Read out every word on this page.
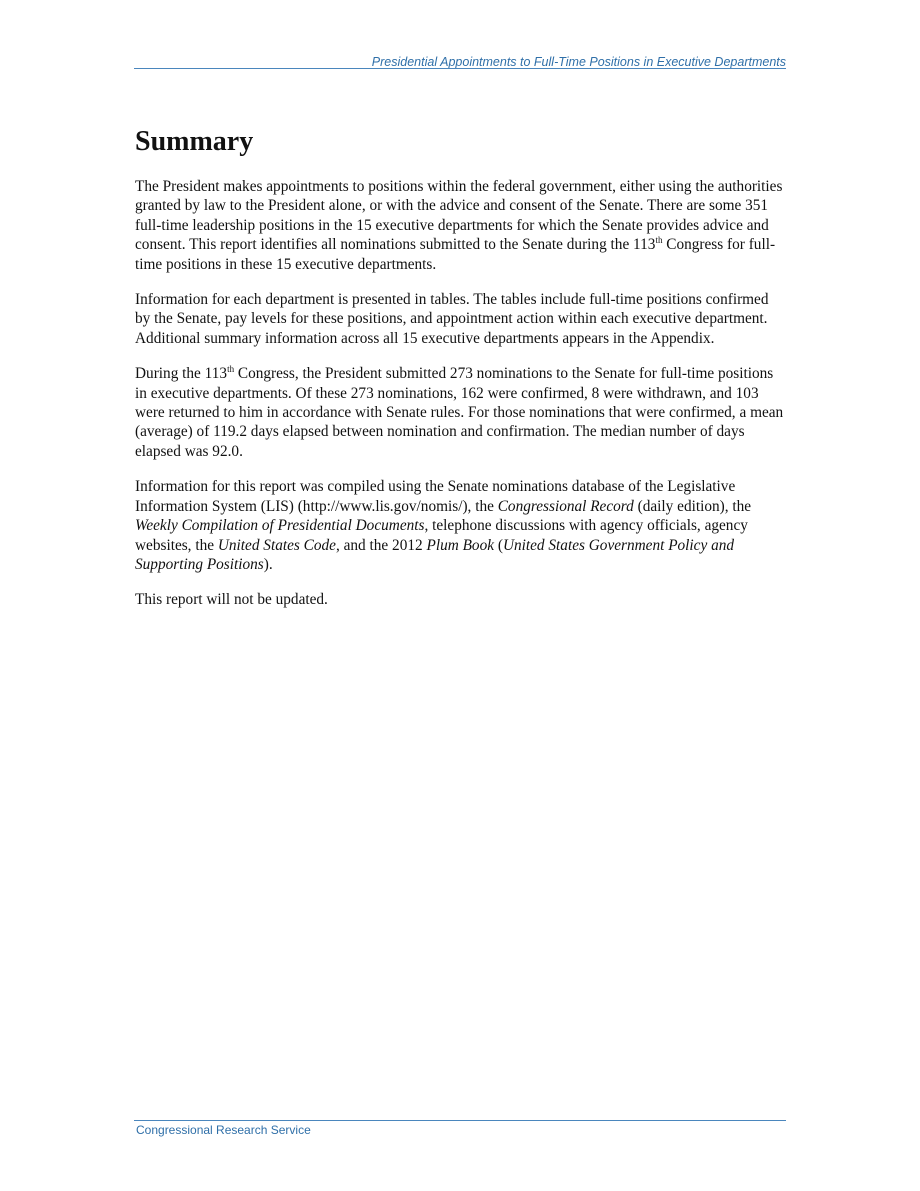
Presidential Appointments to Full-Time Positions in Executive Departments
Summary

The President makes appointments to positions within the federal government, either using the authorities granted by law to the President alone, or with the advice and consent of the Senate. There are some 351 full-time leadership positions in the 15 executive departments for which the Senate provides advice and consent. This report identifies all nominations submitted to the Senate during the 113th Congress for full-time positions in these 15 executive departments.

Information for each department is presented in tables. The tables include full-time positions confirmed by the Senate, pay levels for these positions, and appointment action within each executive department. Additional summary information across all 15 executive departments appears in the Appendix.

During the 113th Congress, the President submitted 273 nominations to the Senate for full-time positions in executive departments. Of these 273 nominations, 162 were confirmed, 8 were withdrawn, and 103 were returned to him in accordance with Senate rules. For those nominations that were confirmed, a mean (average) of 119.2 days elapsed between nomination and confirmation. The median number of days elapsed was 92.0.

Information for this report was compiled using the Senate nominations database of the Legislative Information System (LIS) (http://www.lis.gov/nomis/), the Congressional Record (daily edition), the Weekly Compilation of Presidential Documents, telephone discussions with agency officials, agency websites, the United States Code, and the 2012 Plum Book (United States Government Policy and Supporting Positions).

This report will not be updated.

Congressional Research Service
